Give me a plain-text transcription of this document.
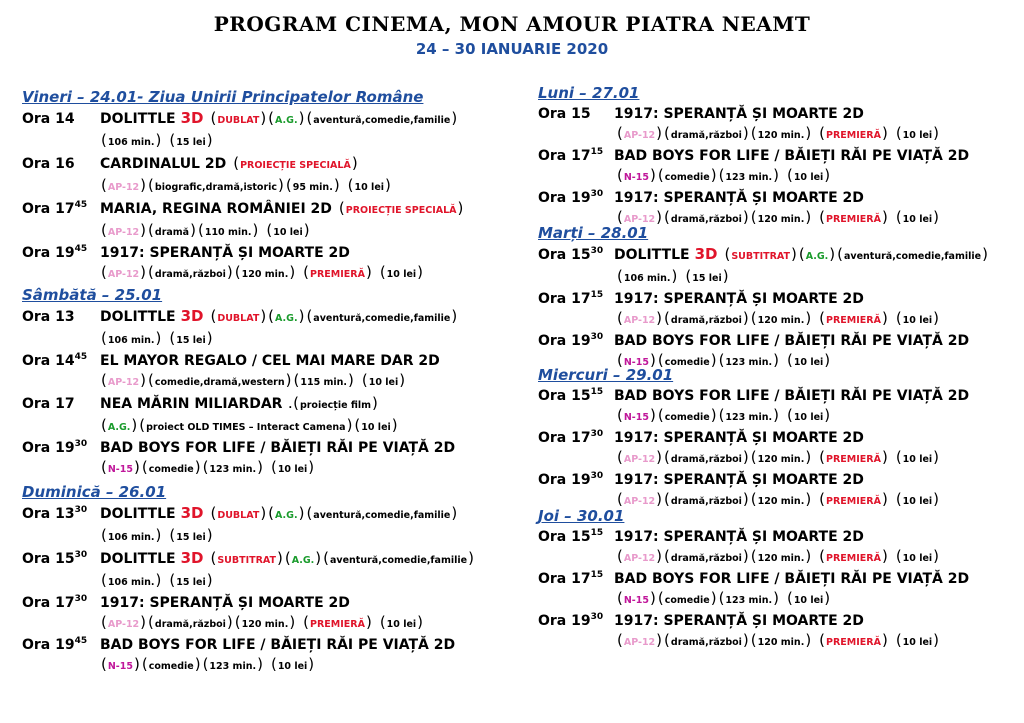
PROGRAM CINEMA, MON AMOUR PIATRA NEAMT
24 – 30 IANUARIE 2020
Vineri – 24.01- Ziua Unirii Principatelor Române
Ora 14	DOLITTLE 3D (DUBLAT) (A.G.) (aventură,comedie,familie)
(106 min.) (15 lei)
Ora 16	CARDINALUL 2D (PROIECȚIE SPECIALĂ)
(AP-12) (biografic,dramă,istoric) (95 min.) (10 lei)
Ora $17^{45}$ MARIA, REGINA ROMÂNIEI 2D (PROIECȚIE SPECIALĂ)
(AP-12) (dramă) (110 min.) (10 lei)
Ora $19^{45}$ 1917: SPERANȚĂ ȘI MOARTE 2D
(AP-12) (dramă,război) (120 min.) (PREMIERĂ) (10 lei)
Sâmbătă – 25.01
Ora 13	DOLITTLE 3D (DUBLAT) (A.G.) (aventură,comedie,familie)
(106 min.) (15 lei)
Ora $14^{45}$ EL MAYOR REGALO / CEL MAI MARE DAR 2D
(AP-12) (comedie,dramă,western) (115 min.) (10 lei)
Ora 17	NEA MĂRIN MILIARDAR .(proiecție film)
(A.G.) (proiect OLD TIMES – Interact Camena) (10 lei)
Ora $19^{30}$ BAD BOYS FOR LIFE / BĂIEȚI RĂI PE VIAȚĂ 2D
(N-15) (comedie) (123 min.) (10 lei)
Duminică – 26.01
Ora $13^{30}$ DOLITTLE 3D (DUBLAT) (A.G.) (aventură,comedie,familie)
(106 min.) (15 lei)
Ora $15^{30}$ DOLITTLE 3D (SUBTITRAT) (A.G.) (aventură,comedie,familie)
(106 min.) (15 lei)
Ora $17^{30}$ 1917: SPERANȚĂ ȘI MOARTE 2D
(AP-12) (dramă,război) (120 min.) (PREMIERĂ) (10 lei)
Ora $19^{45}$ BAD BOYS FOR LIFE / BĂIEȚI RĂI PE VIAȚĂ 2D
(N-15) (comedie) (123 min.) (10 lei)
Luni – 27.01
Ora 15	1917: SPERANȚĂ ȘI MOARTE 2D
(AP-12) (dramă,război) (120 min.) (PREMIERĂ) (10 lei)
Ora $17^{15}$ BAD BOYS FOR LIFE / BĂIEȚI RĂI PE VIAȚĂ 2D
(N-15) (comedie) (123 min.) (10 lei)
Ora $19^{30}$ 1917: SPERANȚĂ ȘI MOARTE 2D
(AP-12) (dramă,război) (120 min.) (PREMIERĂ) (10 lei)
Marți – 28.01
Ora $15^{30}$ DOLITTLE 3D (SUBTITRAT) (A.G.) (aventură,comedie,familie)
(106 min.) (15 lei)
Ora $17^{15}$ 1917: SPERANȚĂ ȘI MOARTE 2D
(AP-12) (dramă,război) (120 min.) (PREMIERĂ) (10 lei)
Ora $19^{30}$ BAD BOYS FOR LIFE / BĂIEȚI RĂI PE VIAȚĂ 2D
(N-15) (comedie) (123 min.) (10 lei)
Miercuri – 29.01
Ora $15^{15}$ BAD BOYS FOR LIFE / BĂIEȚI RĂI PE VIAȚĂ 2D
(N-15) (comedie) (123 min.) (10 lei)
Ora $17^{30}$ 1917: SPERANȚĂ ȘI MOARTE 2D
(AP-12) (dramă,război) (120 min.) (PREMIERĂ) (10 lei)
Ora $19^{30}$ 1917: SPERANȚĂ ȘI MOARTE 2D
(AP-12) (dramă,război) (120 min.) (PREMIERĂ) (10 lei)
Joi – 30.01
Ora $15^{15}$ 1917: SPERANȚĂ ȘI MOARTE 2D
(AP-12) (dramă,război) (120 min.) (PREMIERĂ) (10 lei)
Ora $17^{15}$ BAD BOYS FOR LIFE / BĂIEȚI RĂI PE VIAȚĂ 2D
(N-15) (comedie) (123 min.) (10 lei)
Ora $19^{30}$ 1917: SPERANȚĂ ȘI MOARTE 2D
(AP-12) (dramă,război) (120 min.) (PREMIERĂ) (10 lei)
